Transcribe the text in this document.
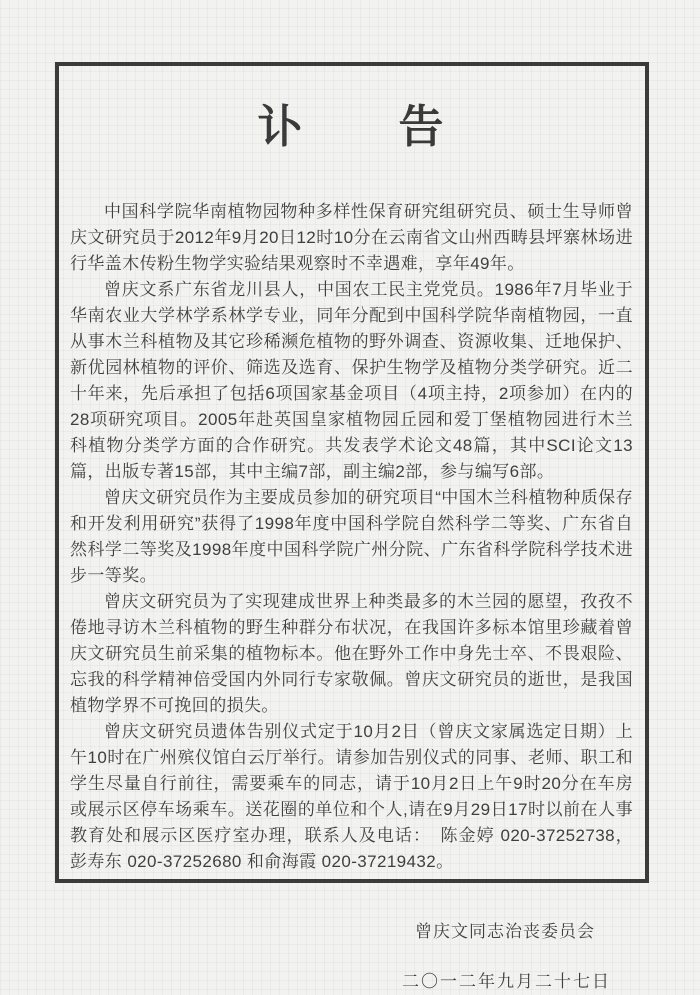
讣　　告

中国科学院华南植物园物种多样性保育研究组研究员、硕士生导师曾庆文研究员于2012年9月20日12时10分在云南省文山州西畴县坪寨林场进行华盖木传粉生物学实验结果观察时不幸遇难，享年49年。

曾庆文系广东省龙川县人，中国农工民主党党员。1986年7月毕业于华南农业大学林学系林学专业，同年分配到中国科学院华南植物园，一直从事木兰科植物及其它珍稀濒危植物的野外调查、资源收集、迁地保护、新优园林植物的评价、筛选及选育、保护生物学及植物分类学研究。近二十年来，先后承担了包括6项国家基金项目（4项主持，2项参加）在内的28项研究项目。2005年赴英国皇家植物园丘园和爱丁堡植物园进行木兰科植物分类学方面的合作研究。共发表学术论文48篇，其中SCI论文13篇，出版专著15部，其中主编7部，副主编2部，参与编写6部。

曾庆文研究员作为主要成员参加的研究项目“中国木兰科植物种质保存和开发利用研究”获得了1998年度中国科学院自然科学二等奖、广东省自然科学二等奖及1998年度中国科学院广州分院、广东省科学院科学技术进步一等奖。

曾庆文研究员为了实现建成世界上种类最多的木兰园的愿望，孜孜不倦地寻访木兰科植物的野生种群分布状况，在我国许多标本馆里珍藏着曾庆文研究员生前采集的植物标本。他在野外工作中身先士卒、不畏艰险、忘我的科学精神倍受国内外同行专家敬佩。曾庆文研究员的逝世，是我国植物学界不可挽回的损失。

曾庆文研究员遗体告别仪式定于10月2日（曾庆文家属选定日期）上午10时在广州殡仪馆白云厅举行。请参加告别仪式的同事、老师、职工和学生尽量自行前往，需要乘车的同志，请于10月2日上午9时20分在车房或展示区停车场乘车。送花圈的单位和个人,请在9月29日17时以前在人事教育处和展示区医疗室办理，联系人及电话：　陈金婷 020-37252738，彭寿东 020-37252680 和俞海霞 020-37219432。

曾庆文同志治丧委员会
二〇一二年九月二十七日
